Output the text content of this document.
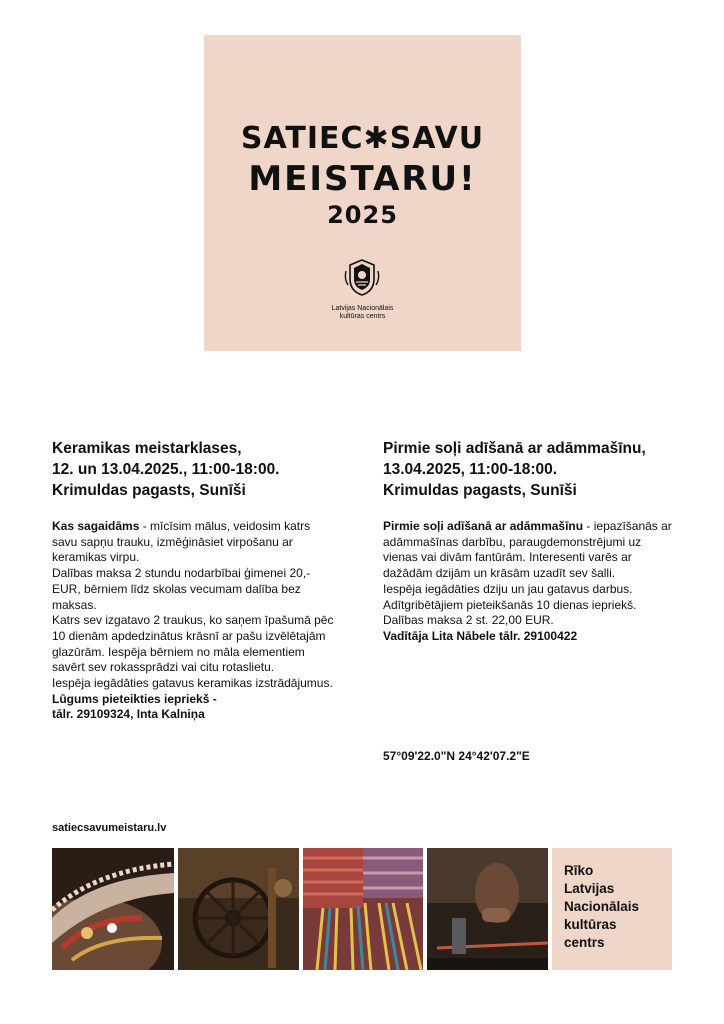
SATIEC✱SAVU
MEISTARU!
2025
Latvijas Nacionālais
kultūras centrs
Keramikas meistarklases,
12. un 13.04.2025., 11:00-18:00.
Krimuldas pagasts, Sunīši
Pirmie soļi adīšanā ar adāmmašīnu,
13.04.2025, 11:00-18:00.
Krimuldas pagasts, Sunīši

Kas sagaidāms - mīcīsim mālus, veidosim katrs savu sapņu trauku, izmēģināsiet virpošanu ar keramikas virpu.

Dalības maksa 2 stundu nodarbībai ģimenei 20,- EUR, bērniem līdz skolas vecumam dalība bez maksas.

Katrs sev izgatavo 2 traukus, ko saņem īpašumā pēc 10 dienām apdedzinātus krāsnī ar pašu izvēlētajām glazūrām. Iespēja bērniem no māla elementiem savērt sev rokassprādzi vai citu rotaslietu.

Iespēja iegādāties gatavus keramikas izstrādājumus.

Lūgums pieteikties iepriekš -

tālr. 29109324, Inta Kalniņa

Pirmie soļi adīšanā ar adāmmašīnu - iepazīšanās ar adāmmašīnas darbību, paraugdemonstrējumi uz vienas vai divām fantūrām. Interesenti varēs ar dažādām dzijām un krāsām uzadīt sev šalli.

Iespēja iegādāties dziju un jau gatavus darbus.

Adītgribētājiem pieteikšanās 10 dienas iepriekš.

Dalības maksa 2 st. 22,00 EUR.

Vadītāja Lita Nābele tālr. 29100422

57°09'22.0"N 24°42'07.2"E
satiecsavumeistaru.lv
Rīko
Latvijas
Nacionālais
kultūras
centrs
